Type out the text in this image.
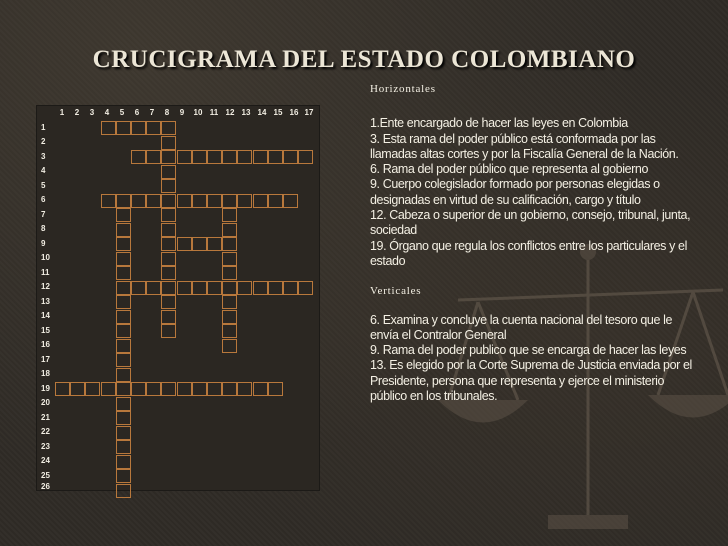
CRUCIGRAMA DEL ESTADO COLOMBIANO
1 2 3 4 5 6 7 8 9 10 11 12 13 14 15 16 17
1
2
3
4
5
6
7
8
9
10
11
12
13
14
15
16
17
18
19
20
21
22
23
24
25
26

Horizontales

1.Ente encargado de hacer las leyes en Colombia

3. Esta rama del poder público está conformada por las llamadas altas cortes y por la Fiscalía General de la Nación.

6. Rama del poder público que representa al gobierno

9. Cuerpo colegislador formado por personas elegidas o designadas en virtud de su calificación, cargo y título

12. Cabeza o superior de un gobierno, consejo, tribunal, junta, sociedad

19. Órgano que regula los conflictos entre los particulares y el estado

Verticales

6. Examina y concluye la cuenta nacional del tesoro que le envía el Contralor General

9. Rama del poder publico que se encarga de hacer las leyes

13. Es elegido por la Corte Suprema de Justicia enviada por el Presidente, persona que representa y ejerce el ministerio público en los tribunales.
